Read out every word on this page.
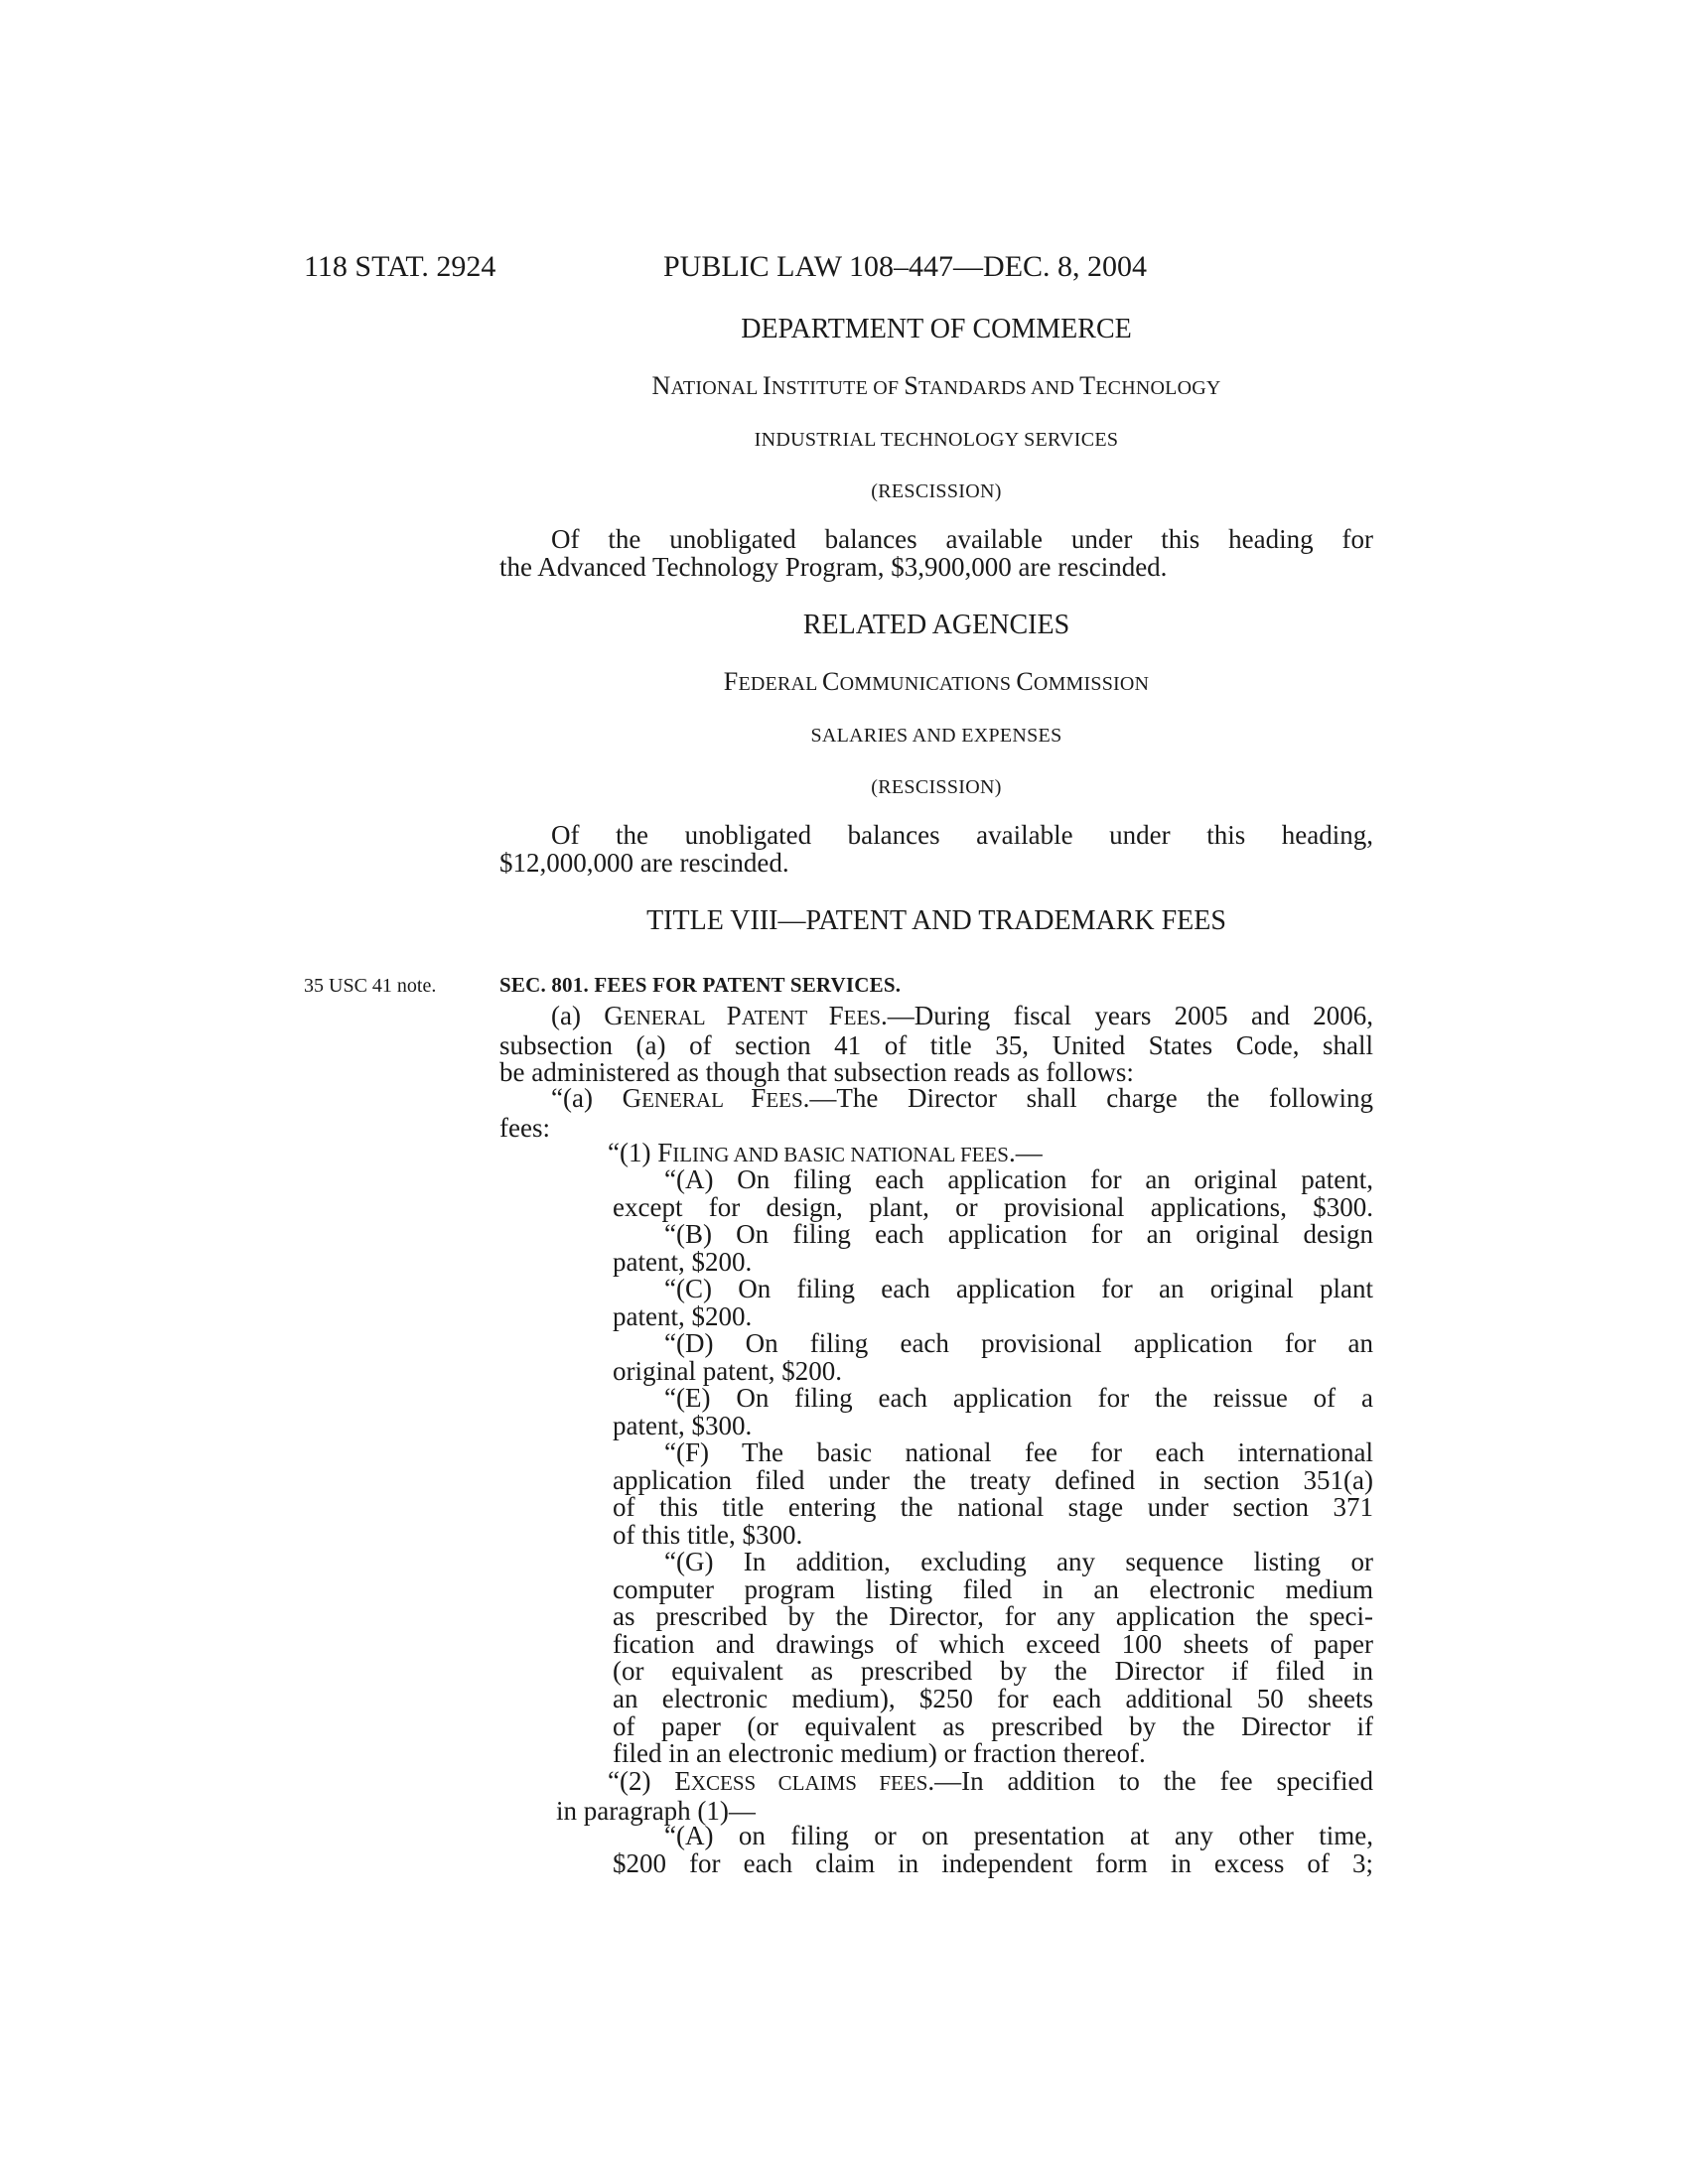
118 STAT. 2924	PUBLIC LAW 108–447—DEC. 8, 2004
DEPARTMENT OF COMMERCE
NATIONAL INSTITUTE OF STANDARDS AND TECHNOLOGY
INDUSTRIAL TECHNOLOGY SERVICES
(RESCISSION)
Of the unobligated balances available under this heading for
the Advanced Technology Program, $3,900,000 are rescinded.
RELATED AGENCIES
FEDERAL COMMUNICATIONS COMMISSION
SALARIES AND EXPENSES
(RESCISSION)
Of the unobligated balances available under this heading,
$12,000,000 are rescinded.
TITLE VIII—PATENT AND TRADEMARK FEES
35 USC 41 note.	SEC. 801. FEES FOR PATENT SERVICES.
(a) GENERAL PATENT FEES.—During fiscal years 2005 and 2006,
subsection (a) of section 41 of title 35, United States Code, shall
be administered as though that subsection reads as follows:
“(a) GENERAL FEES.—The Director shall charge the following
fees:
“(1) FILING AND BASIC NATIONAL FEES.—
“(A) On filing each application for an original patent,
except for design, plant, or provisional applications, $300.
“(B) On filing each application for an original design
patent, $200.
“(C) On filing each application for an original plant
patent, $200.
“(D) On filing each provisional application for an
original patent, $200.
“(E) On filing each application for the reissue of a
patent, $300.
“(F) The basic national fee for each international
application filed under the treaty defined in section 351(a)
of this title entering the national stage under section 371
of this title, $300.
“(G) In addition, excluding any sequence listing or
computer program listing filed in an electronic medium
as prescribed by the Director, for any application the speci-
fication and drawings of which exceed 100 sheets of paper
(or equivalent as prescribed by the Director if filed in
an electronic medium), $250 for each additional 50 sheets
of paper (or equivalent as prescribed by the Director if
filed in an electronic medium) or fraction thereof.
“(2) EXCESS CLAIMS FEES.—In addition to the fee specified
in paragraph (1)—
“(A) on filing or on presentation at any other time,
$200 for each claim in independent form in excess of 3;
